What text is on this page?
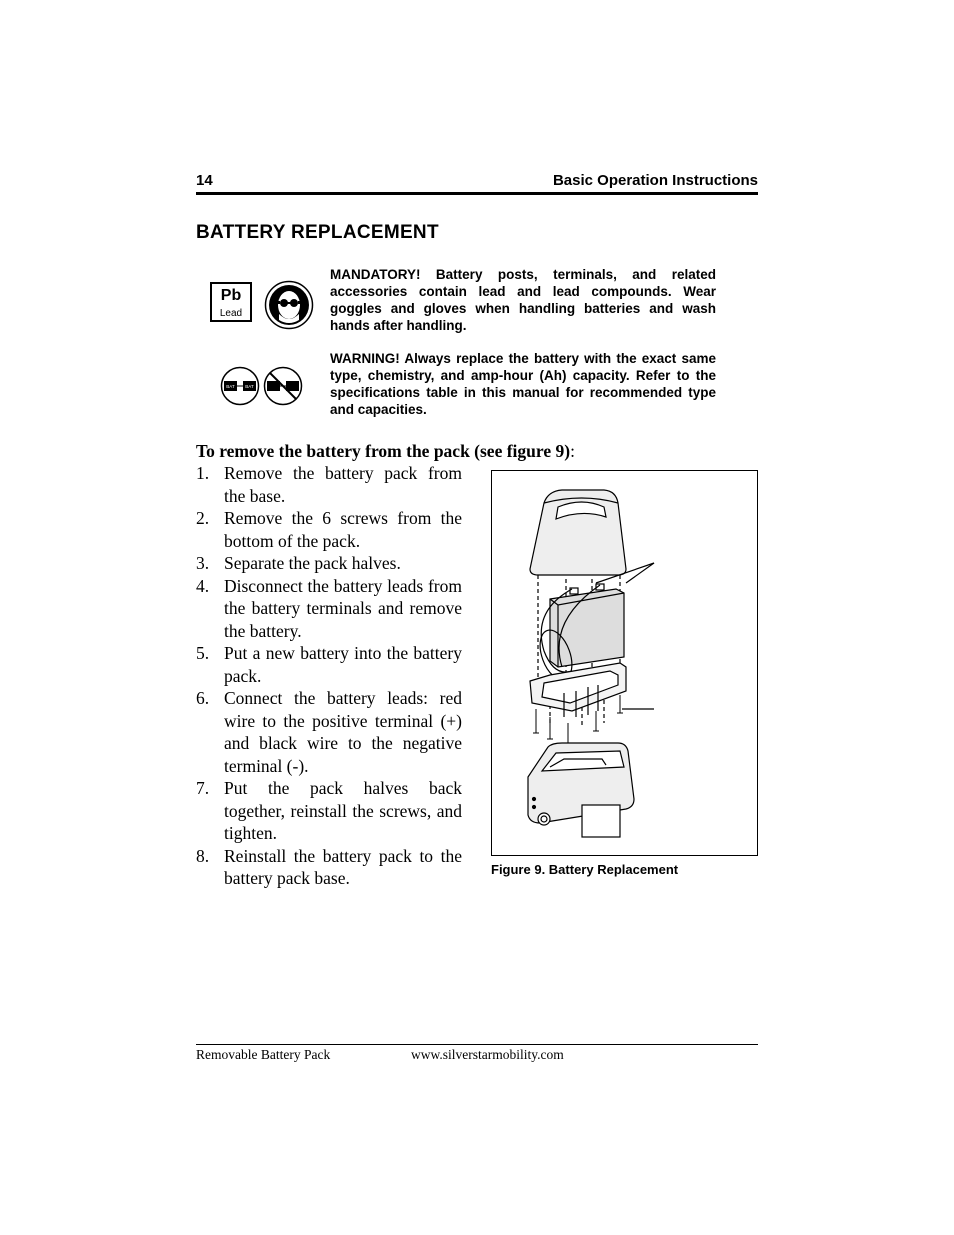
14	Basic Operation Instructions
BATTERY REPLACEMENT
Pb
Lead
MANDATORY! Battery posts, terminals, and related accessories contain lead and lead compounds. Wear goggles and gloves when handling batteries and wash hands after handling.
BAT BAT
WARNING! Always replace the battery with the exact same type, chemistry, and amp-hour (Ah) capacity. Refer to the specifications table in this manual for recommended type and capacities.
To remove the battery from the pack (see figure 9):
1. Remove the battery pack from the base.
2. Remove the 6 screws from the bottom of the pack.
3. Separate the pack halves.
4. Disconnect the battery leads from the battery terminals and remove the battery.
5. Put a new battery into the battery pack.
6. Connect the battery leads: red wire to the positive terminal (+) and black wire to the negative terminal (-).
7. Put the pack halves back together, reinstall the screws, and tighten.
8. Reinstall the battery pack to the battery pack base.	Figure 9. Battery Replacement
Removable Battery Pack	www.silverstarmobility.com
